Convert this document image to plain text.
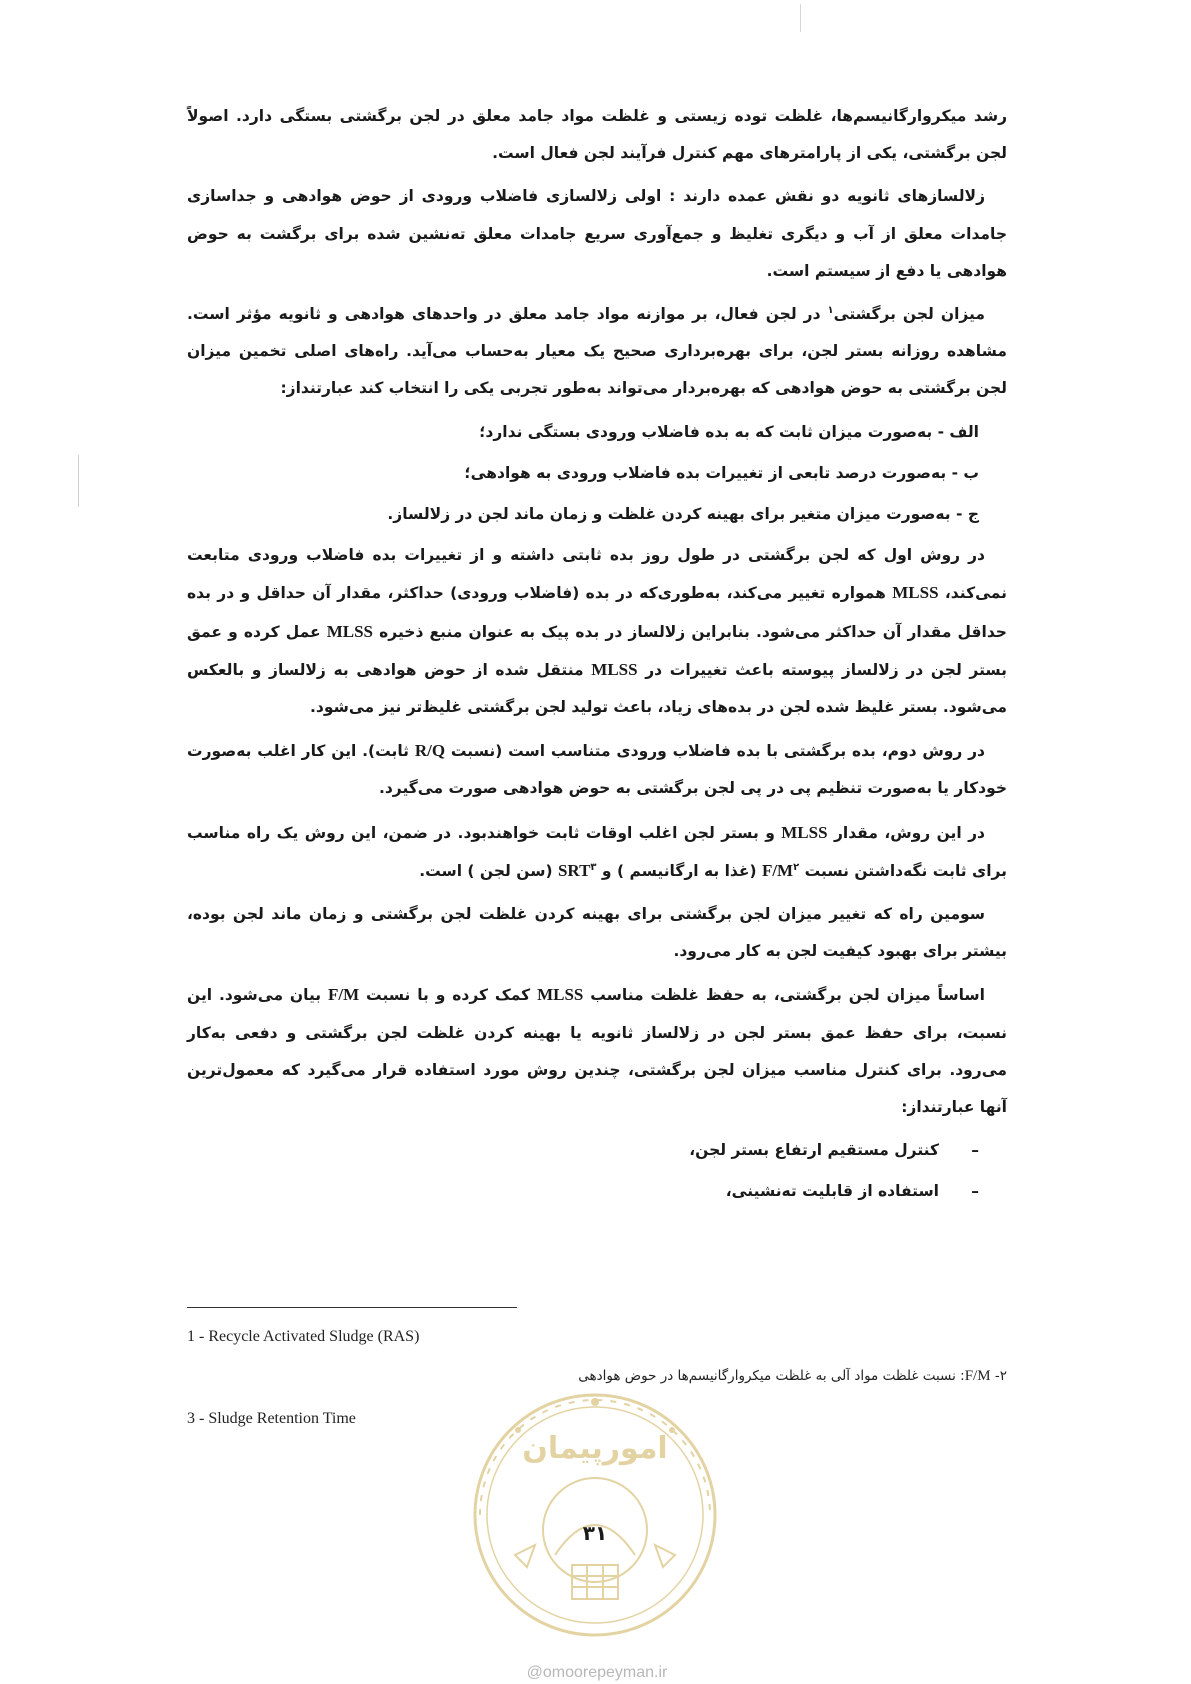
رشد میکروارگانیسم‌ها، غلظت توده زیستی و غلظت مواد جامد معلق در لجن برگشتی بستگی دارد. اصولاً لجن برگشتی، یکی از پارامترهای مهم کنترل فرآیند لجن فعال است.

زلالسازهای ثانویه دو نقش عمده دارند : اولی زلالسازی فاضلاب ورودی از حوض هوادهی و جداسازی جامدات معلق از آب و دیگری تغلیظ و جمع‌آوری سریع جامدات معلق ته‌نشین شده برای برگشت به حوض هوادهی یا دفع از سیستم است.

میزان لجن برگشتی$^۱$ در لجن فعال، بر موازنه مواد جامد معلق در واحدهای هوادهی و ثانویه مؤثر است. مشاهده روزانه بستر لجن، برای بهره‌برداری صحیح یک معیار به‌حساب می‌آید. راه‌های اصلی تخمین میزان لجن برگشتی به حوض هوادهی که بهره‌بردار می‌تواند به‌طور تجربی یکی را انتخاب کند عبارتنداز:

الف - به‌صورت میزان ثابت که به بده فاضلاب ورودی بستگی ندارد؛

ب - به‌صورت درصد تابعی از تغییرات بده فاضلاب ورودی به هوادهی؛

ج - به‌صورت میزان متغیر برای بهینه کردن غلظت و زمان ماند لجن در زلالساز.

در روش اول که لجن برگشتی در طول روز بده ثابتی داشته و از تغییرات بده فاضلاب ورودی متابعت نمی‌کند، MLSS همواره تغییر می‌کند، به‌طوری‌که در بده (فاضلاب ورودی) حداکثر، مقدار آن حداقل و در بده حداقل مقدار آن حداکثر می‌شود. بنابراین زلالساز در بده پیک به عنوان منبع ذخیره MLSS عمل کرده و عمق بستر لجن در زلالساز پیوسته باعث تغییرات در MLSS منتقل شده از حوض هوادهی به زلالساز و بالعکس می‌شود. بستر غلیظ شده لجن در بده‌های زیاد، باعث تولید لجن برگشتی غلیظ‌تر نیز می‌شود.

در روش دوم، بده برگشتی با بده فاضلاب ورودی متناسب است (نسبت R/Q ثابت). این کار اغلب به‌صورت خودکار یا به‌صورت تنظیم پی در پی لجن برگشتی به حوض هوادهی صورت می‌گیرد.

در این روش، مقدار MLSS و بستر لجن اغلب اوقات ثابت خواهندبود. در ضمن، این روش یک راه مناسب برای ثابت نگه‌داشتن نسبت $F/M^۲$ (غذا به ارگانیسم ) و SRT$^۳$ (سن لجن ) است.

سومین راه که تغییر میزان لجن برگشتی برای بهینه کردن غلظت لجن برگشتی و زمان ماند لجن بوده، بیشتر برای بهبود کیفیت لجن به کار می‌رود.

اساساً میزان لجن برگشتی، به حفظ غلظت مناسب MLSS کمک کرده و با نسبت F/M بیان می‌شود. این نسبت، برای حفظ عمق بستر لجن در زلالساز ثانویه یا بهینه کردن غلظت لجن برگشتی و دفعی به‌کار می‌رود. برای کنترل مناسب میزان لجن برگشتی، چندین روش مورد استفاده قرار می‌گیرد که معمول‌ترین آنها عبارتنداز:

–کنترل مستقیم ارتفاع بستر لجن،

–استفاده از قابلیت ته‌نشینی،

1 - Recycle Activated Sludge (RAS)
۲- F/M: نسبت غلظت مواد آلی به غلظت میکروارگانیسم‌ها در حوض هوادهی
3 - Sludge Retention Time
امورپیمان
۳۱
@omoorepeyman.ir
